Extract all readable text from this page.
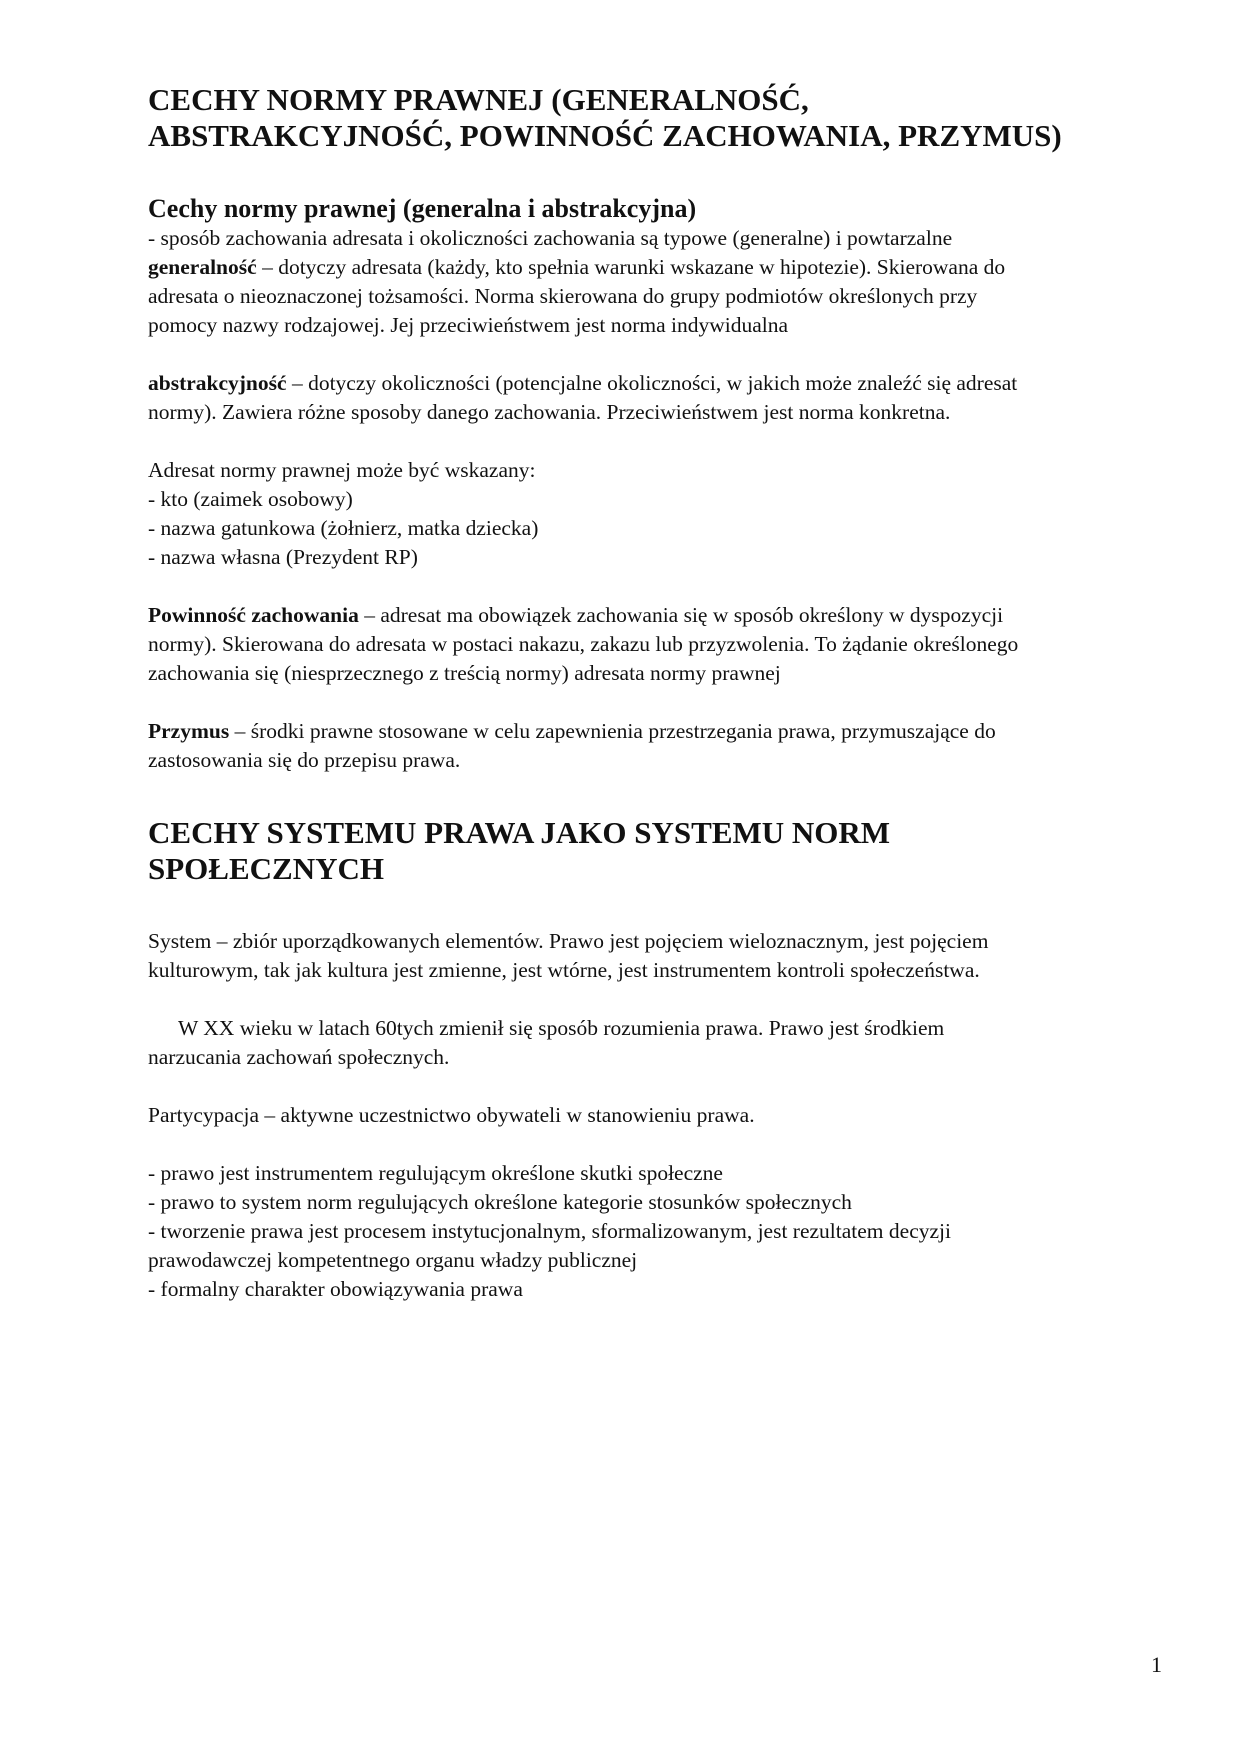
CECHY NORMY PRAWNEJ (GENERALNOŚĆ,
ABSTRAKCYJNOŚĆ, POWINNOŚĆ ZACHOWANIA, PRZYMUS)
Cechy normy prawnej (generalna i abstrakcyjna)

- sposób zachowania adresata i okoliczności zachowania są typowe (generalne) i powtarzalne

generalność – dotyczy adresata (każdy, kto spełnia warunki wskazane w hipotezie). Skierowana do
adresata o nieoznaczonej tożsamości. Norma skierowana do grupy podmiotów określonych przy
pomocy nazwy rodzajowej. Jej przeciwieństwem jest norma indywidualna

abstrakcyjność – dotyczy okoliczności (potencjalne okoliczności, w jakich może znaleźć się adresat
normy). Zawiera różne sposoby danego zachowania. Przeciwieństwem jest norma konkretna.

Adresat normy prawnej może być wskazany:
- kto (zaimek osobowy)
- nazwa gatunkowa (żołnierz, matka dziecka)
- nazwa własna (Prezydent RP)

Powinność zachowania – adresat ma obowiązek zachowania się w sposób określony w dyspozycji
normy). Skierowana do adresata w postaci nakazu, zakazu lub przyzwolenia. To żądanie określonego
zachowania się (niesprzecznego z treścią normy) adresata normy prawnej

Przymus – środki prawne stosowane w celu zapewnienia przestrzegania prawa, przymuszające do
zastosowania się do przepisu prawa.

CECHY SYSTEMU PRAWA JAKO SYSTEMU NORM
SPOŁECZNYCH

System – zbiór uporządkowanych elementów. Prawo jest pojęciem wieloznacznym, jest pojęciem
kulturowym, tak jak kultura jest zmienne, jest wtórne, jest instrumentem kontroli społeczeństwa.

W XX wieku w latach 60tych zmienił się sposób rozumienia prawa. Prawo jest środkiem
narzucania zachowań społecznych.

Partycypacja – aktywne uczestnictwo obywateli w stanowieniu prawa.

- prawo jest instrumentem regulującym określone skutki społeczne
- prawo to system norm regulujących określone kategorie stosunków społecznych
- tworzenie prawa jest procesem instytucjonalnym, sformalizowanym, jest rezultatem decyzji
prawodawczej kompetentnego organu władzy publicznej
- formalny charakter obowiązywania prawa

1
